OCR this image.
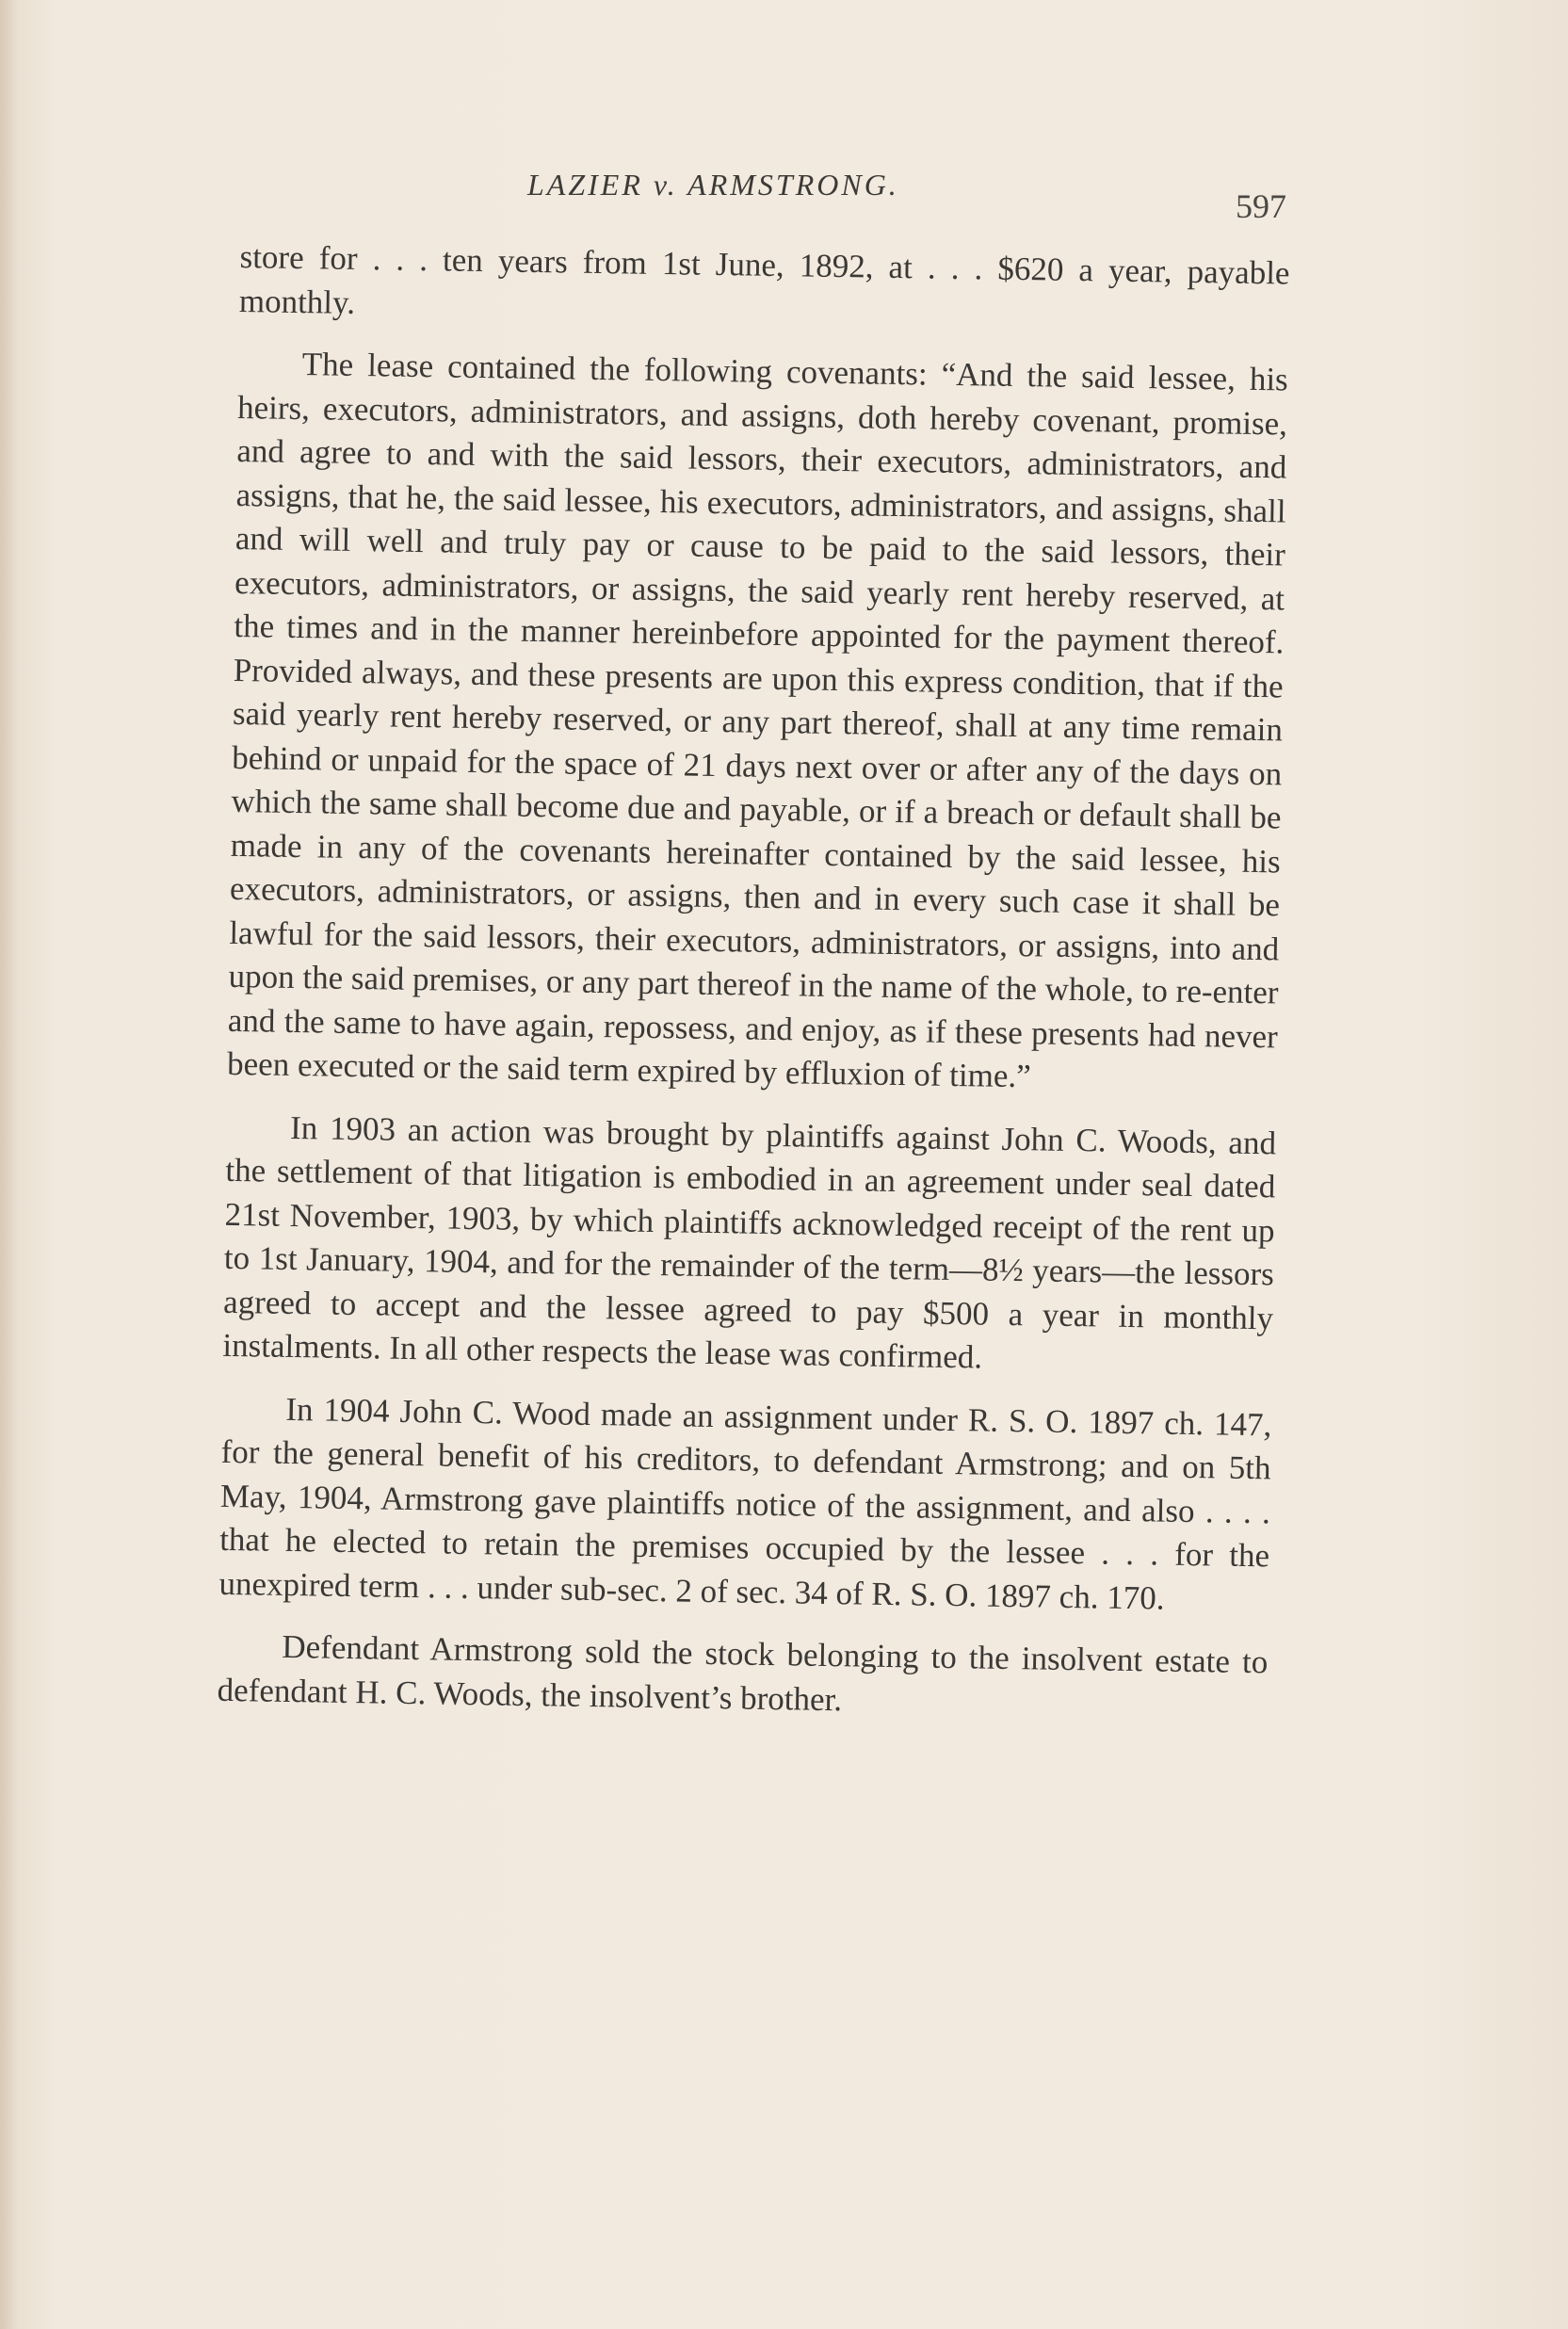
LAZIER v. ARMSTRONG.
597

store for . . . ten years from 1st June, 1892, at . . . $620 a year, payable monthly.

The lease contained the following covenants: “And the said lessee, his heirs, executors, administrators, and assigns, doth hereby covenant, promise, and agree to and with the said lessors, their executors, administrators, and assigns, that he, the said lessee, his executors, administrators, and assigns, shall and will well and truly pay or cause to be paid to the said lessors, their executors, administrators, or assigns, the said yearly rent hereby reserved, at the times and in the manner hereinbefore appointed for the payment thereof. Provided always, and these presents are upon this express condition, that if the said yearly rent hereby reserved, or any part thereof, shall at any time remain behind or unpaid for the space of 21 days next over or after any of the days on which the same shall become due and payable, or if a breach or default shall be made in any of the covenants hereinafter contained by the said lessee, his executors, administrators, or assigns, then and in every such case it shall be lawful for the said lessors, their executors, administrators, or assigns, into and upon the said premises, or any part thereof in the name of the whole, to re-enter and the same to have again, repossess, and enjoy, as if these presents had never been executed or the said term expired by effluxion of time.”

In 1903 an action was brought by plaintiffs against John C. Woods, and the settlement of that litigation is embodied in an agreement under seal dated 21st November, 1903, by which plaintiffs acknowledged receipt of the rent up to 1st January, 1904, and for the remainder of the term—8½ years—the lessors agreed to accept and the lessee agreed to pay $500 a year in monthly instalments. In all other respects the lease was confirmed.

In 1904 John C. Wood made an assignment under R. S. O. 1897 ch. 147, for the general benefit of his creditors, to defendant Armstrong; and on 5th May, 1904, Armstrong gave plaintiffs notice of the assignment, and also . . . . that he elected to retain the premises occupied by the lessee . . . for the unexpired term . . . under sub-sec. 2 of sec. 34 of R. S. O. 1897 ch. 170.

Defendant Armstrong sold the stock belonging to the insolvent estate to defendant H. C. Woods, the insolvent’s brother.
